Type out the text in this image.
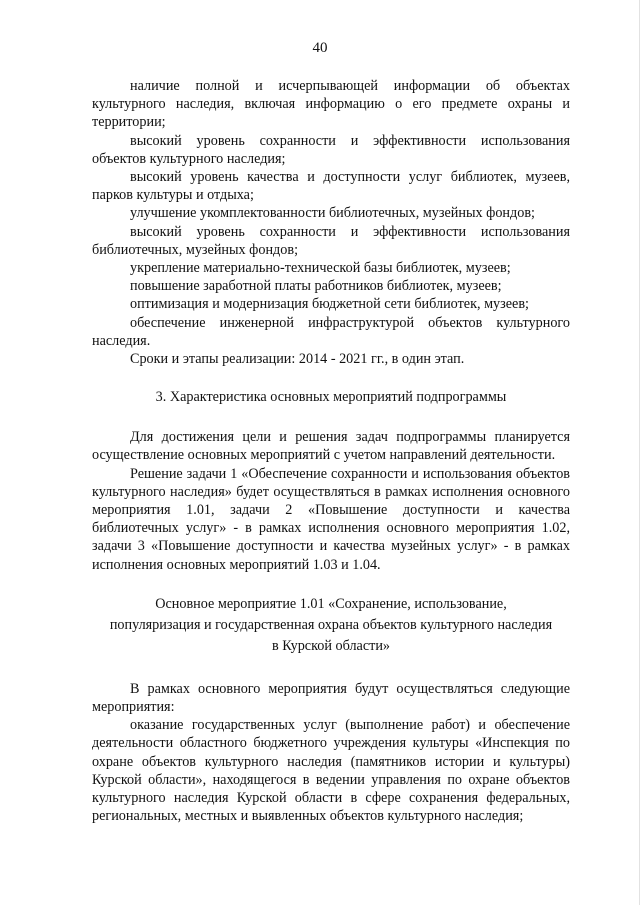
40

наличие полной и исчерпывающей информации об объектах культурного наследия, включая информацию о его предмете охраны и территории;

высокий уровень сохранности и эффективности использования объектов культурного наследия;

высокий уровень качества и доступности услуг библиотек, музеев, парков культуры и отдыха;

улучшение укомплектованности библиотечных, музейных фондов;

высокий уровень сохранности и эффективности использования библиотечных, музейных фондов;

укрепление материально-технической базы библиотек, музеев;

повышение заработной платы работников библиотек, музеев;

оптимизация и модернизация бюджетной сети библиотек, музеев;

обеспечение инженерной инфраструктурой объектов культурного наследия.

Сроки и этапы реализации: 2014 - 2021 гг., в один этап.

3. Характеристика основных мероприятий подпрограммы

Для достижения цели и решения задач подпрограммы планируется осуществление основных мероприятий с учетом направлений деятельности.

Решение задачи 1 «Обеспечение сохранности и использования объектов культурного наследия» будет осуществляться в рамках исполнения основного мероприятия 1.01, задачи 2 «Повышение доступности и качества библиотечных услуг» - в рамках исполнения основного мероприятия 1.02, задачи 3 «Повышение доступности и качества музейных услуг» - в рамках исполнения основных мероприятий 1.03 и 1.04.

Основное мероприятие 1.01 «Сохранение, использование,

популяризация и государственная охрана объектов культурного наследия

в Курской области»

В рамках основного мероприятия будут осуществляться следующие мероприятия:

оказание государственных услуг (выполнение работ) и обеспечение деятельности областного бюджетного учреждения культуры «Инспекция по охране объектов культурного наследия (памятников истории и культуры) Курской области», находящегося в ведении управления по охране объектов культурного наследия Курской области в сфере сохранения федеральных, региональных, местных и выявленных объектов культурного наследия;
